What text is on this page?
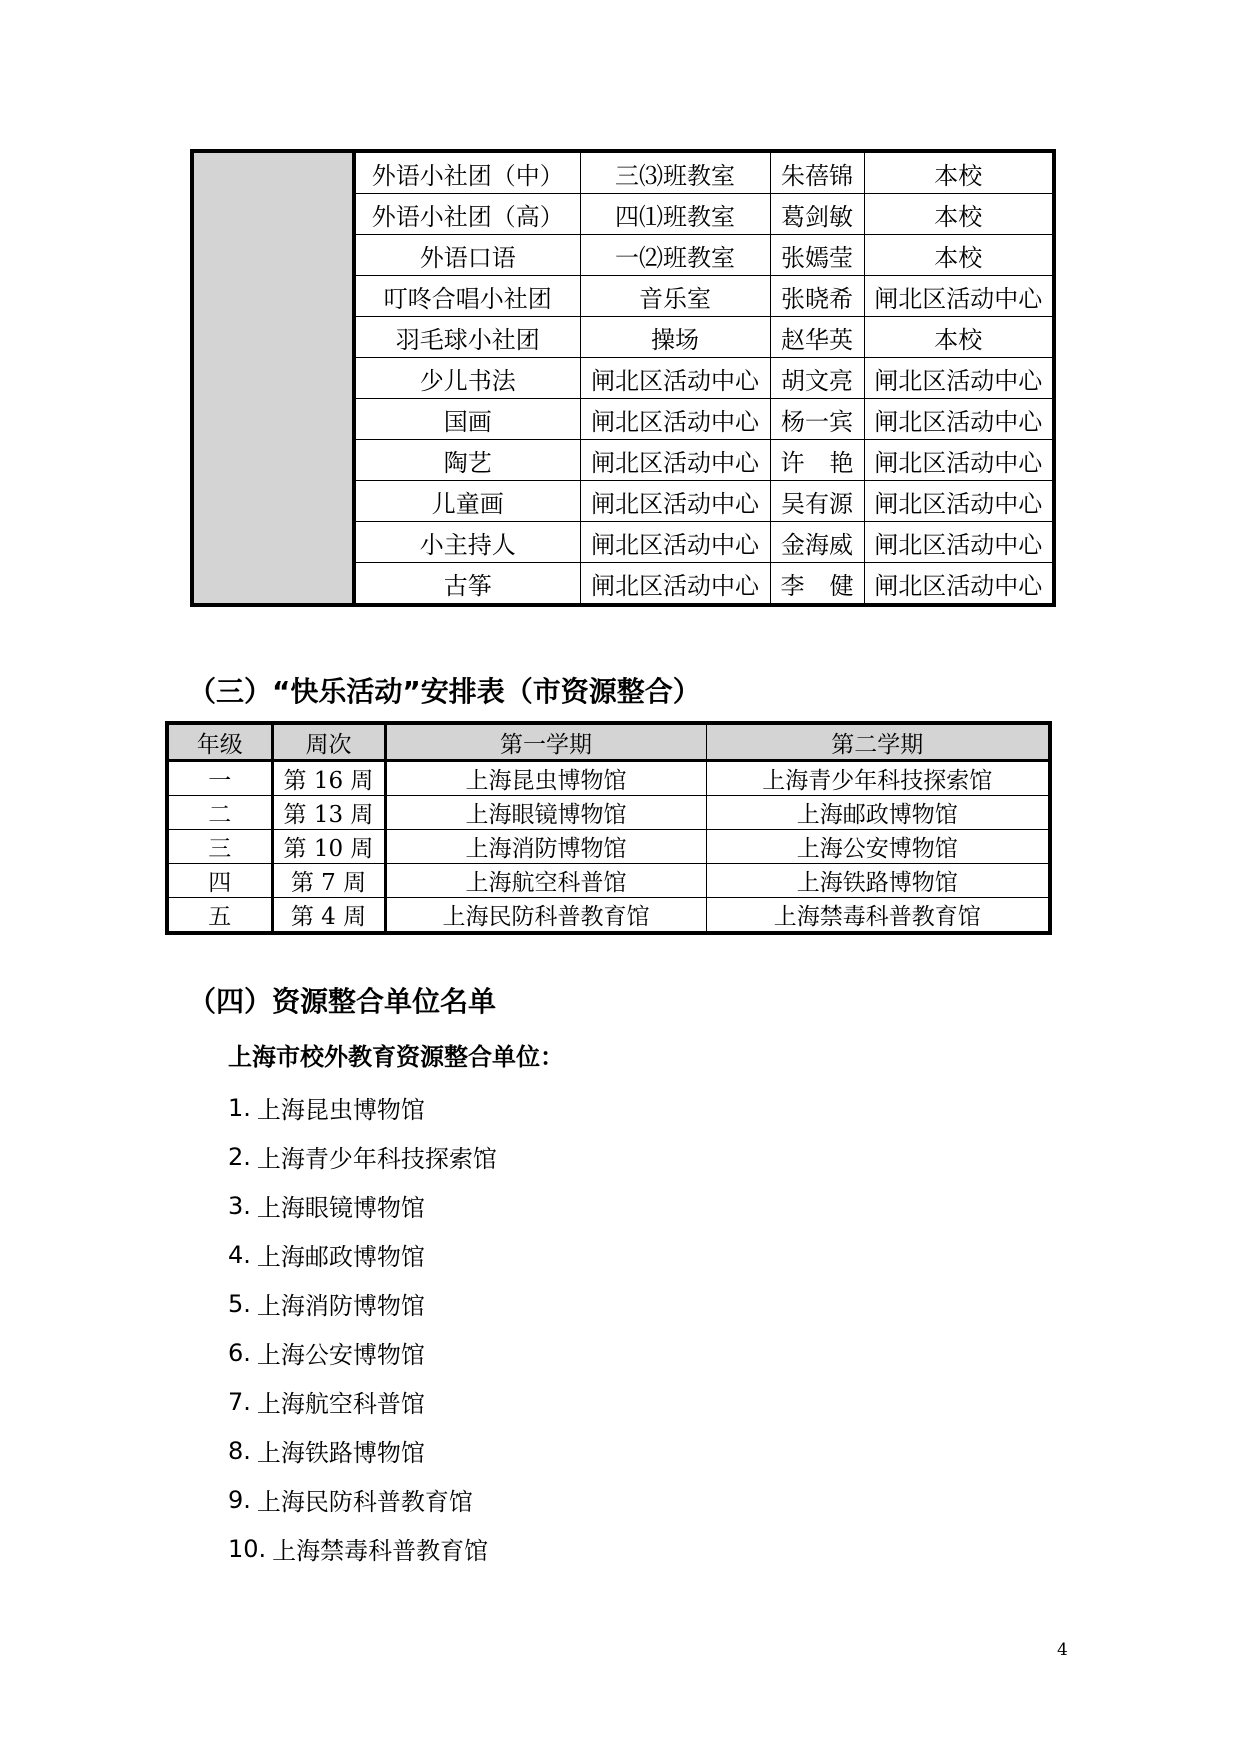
	外语小社团（中）	三⑶班教室	朱蓓锦	本校
	外语小社团（高）	四⑴班教室	葛剑敏	本校
	外语口语	一⑵班教室	张嫣莹	本校
	叮咚合唱小社团	音乐室	张晓希	闸北区活动中心
	羽毛球小社团	操场	赵华英	本校
	少儿书法	闸北区活动中心	胡文亮	闸北区活动中心
	国画	闸北区活动中心	杨一宾	闸北区活动中心
	陶艺	闸北区活动中心	许 艳	闸北区活动中心
	儿童画	闸北区活动中心	吴有源	闸北区活动中心
	小主持人	闸北区活动中心	金海威	闸北区活动中心
	古筝	闸北区活动中心	李 健	闸北区活动中心
（三）“快乐活动”安排表（市资源整合）
年级	周次	第一学期	第二学期
一	第 16 周	上海昆虫博物馆	上海青少年科技探索馆
二	第 13 周	上海眼镜博物馆	上海邮政博物馆
三	第 10 周	上海消防博物馆	上海公安博物馆
四	第 7 周	上海航空科普馆	上海铁路博物馆
五	第 4 周	上海民防科普教育馆	上海禁毒科普教育馆
（四）资源整合单位名单
上海市校外教育资源整合单位：
1. 上海昆虫博物馆
2. 上海青少年科技探索馆
3. 上海眼镜博物馆
4. 上海邮政博物馆
5. 上海消防博物馆
6. 上海公安博物馆
7. 上海航空科普馆
8. 上海铁路博物馆
9. 上海民防科普教育馆
10. 上海禁毒科普教育馆
4
